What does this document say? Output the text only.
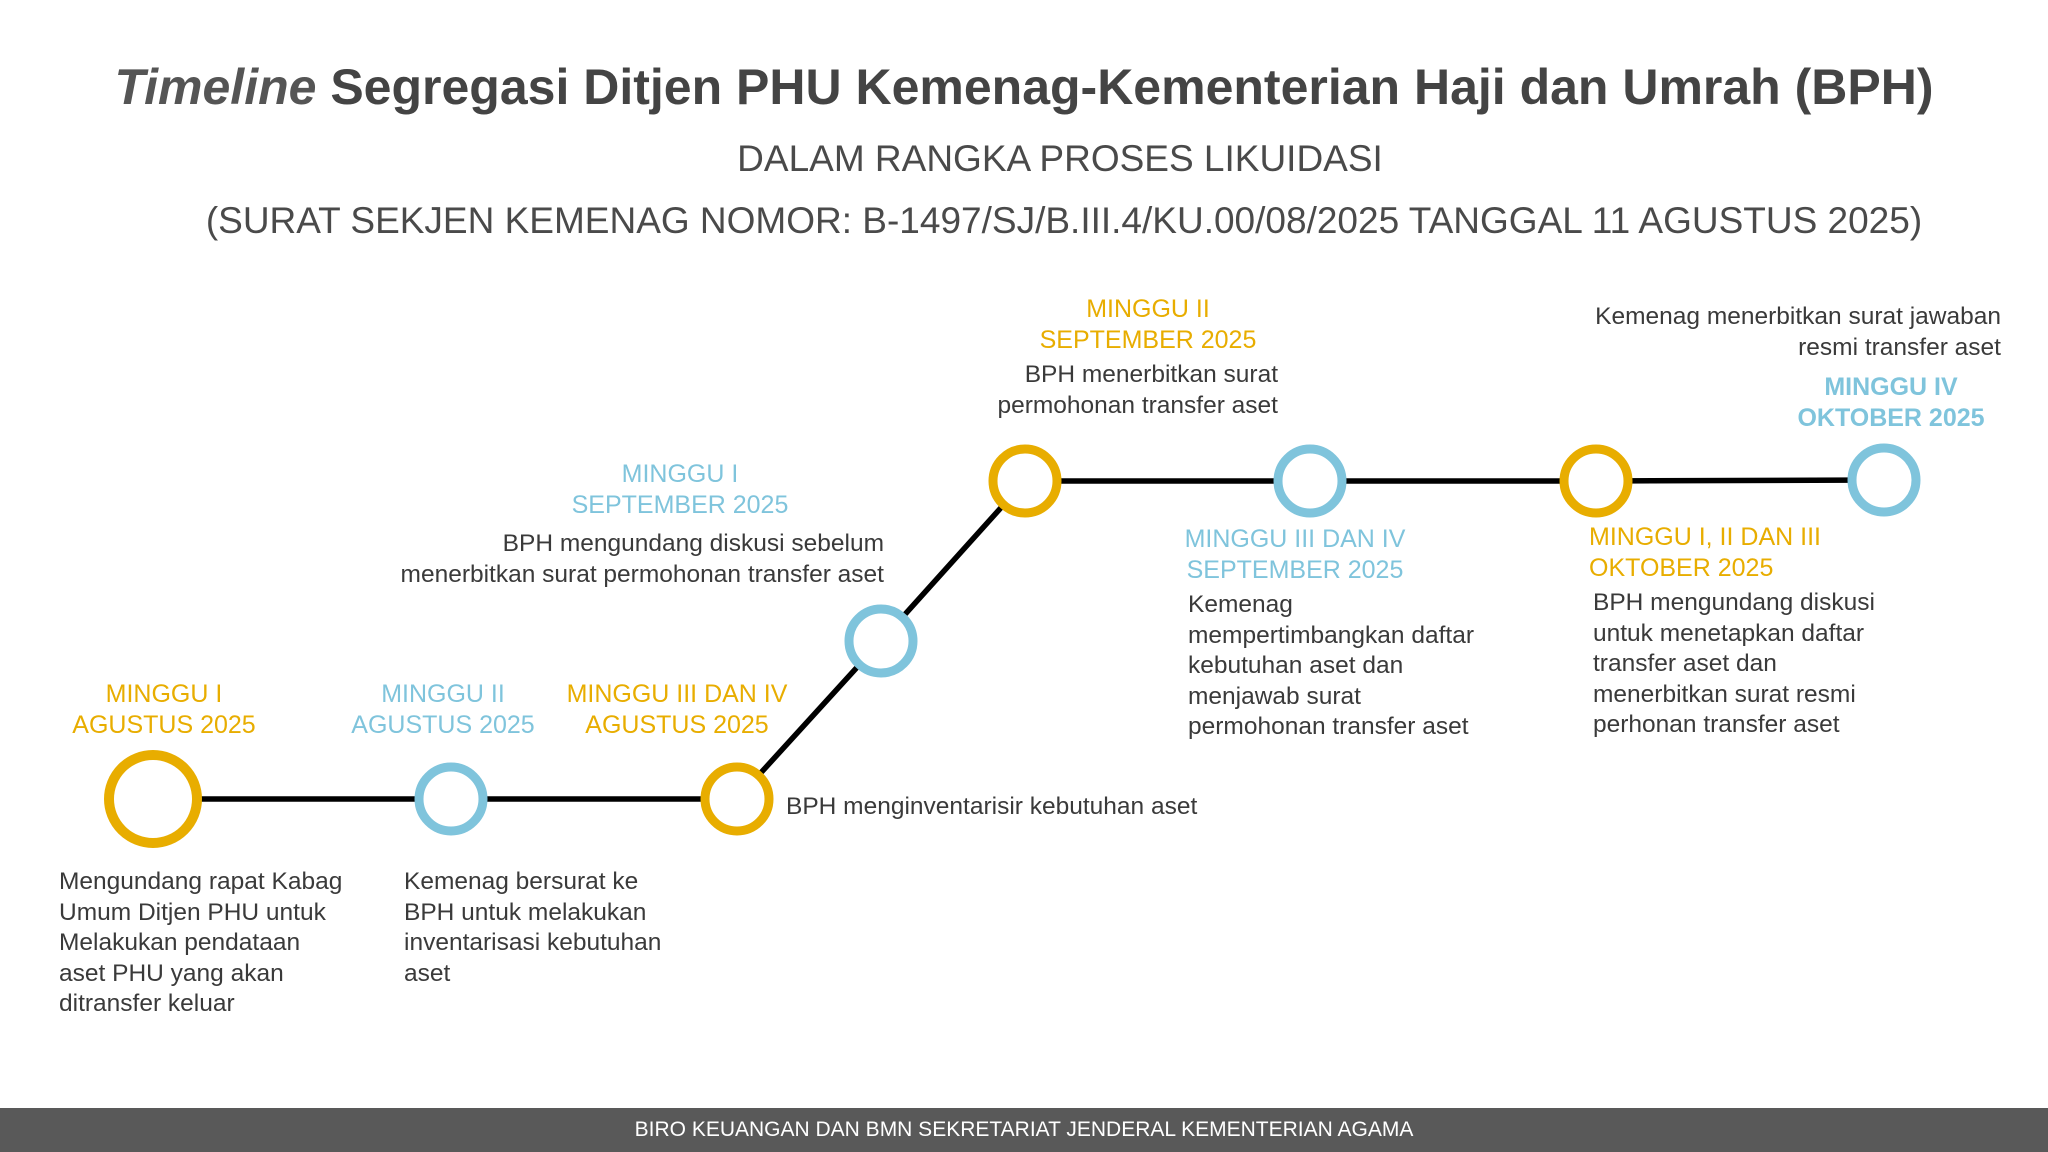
Timeline Segregasi Ditjen PHU Kemenag-Kementerian Haji dan Umrah (BPH)
DALAM RANGKA PROSES LIKUIDASI
(SURAT SEKJEN KEMENAG NOMOR: B-1497/SJ/B.III.4/KU.00/08/2025 TANGGAL 11 AGUSTUS 2025)
MINGGU I
AGUSTUS 2025
Mengundang rapat Kabag
Umum Ditjen PHU untuk
Melakukan pendataan
aset PHU yang akan
ditransfer keluar
MINGGU II
AGUSTUS 2025
Kemenag bersurat ke
BPH untuk melakukan
inventarisasi kebutuhan
aset
MINGGU III DAN IV
AGUSTUS 2025
BPH menginventarisir kebutuhan aset
MINGGU I
SEPTEMBER 2025
BPH mengundang diskusi sebelum
menerbitkan surat permohonan transfer aset
MINGGU II
SEPTEMBER 2025
BPH menerbitkan surat
permohonan transfer aset
MINGGU III DAN IV
SEPTEMBER 2025
Kemenag
mempertimbangkan daftar
kebutuhan aset dan
menjawab surat
permohonan transfer aset
MINGGU I, II DAN III
OKTOBER 2025
BPH mengundang diskusi
untuk menetapkan daftar
transfer aset dan
menerbitkan surat resmi
perhonan transfer aset
Kemenag menerbitkan surat jawaban
resmi transfer aset
MINGGU IV
OKTOBER 2025
BIRO KEUANGAN DAN BMN SEKRETARIAT JENDERAL KEMENTERIAN AGAMA
